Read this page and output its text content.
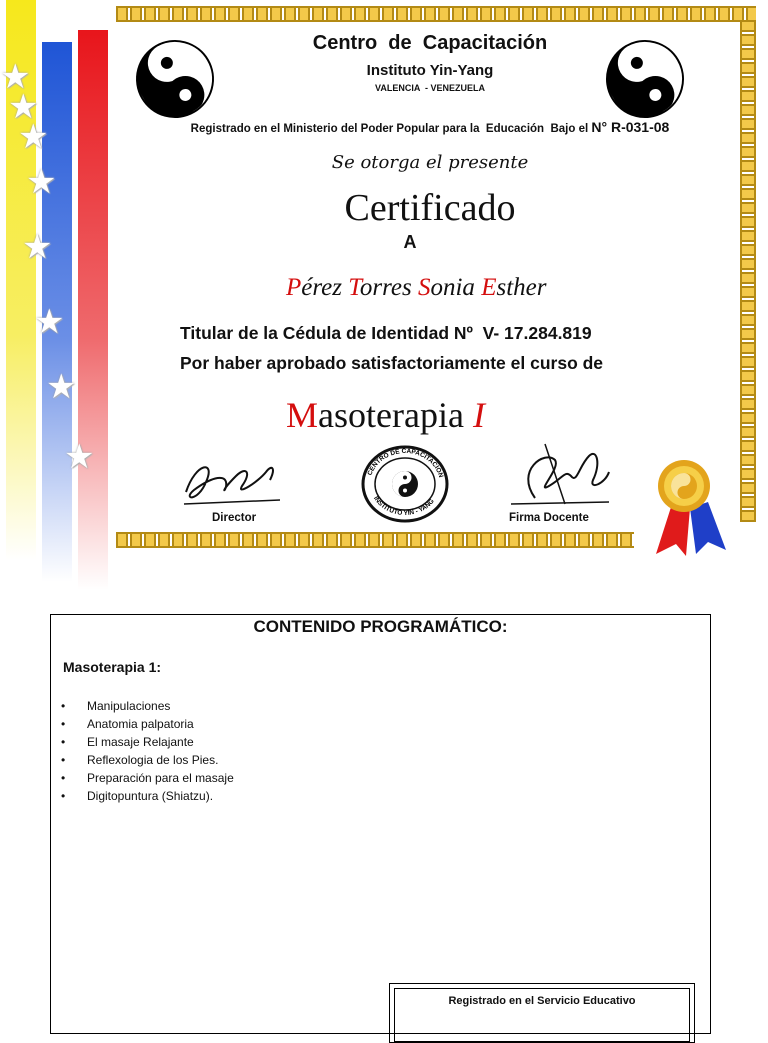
★
★
★
★
★
★
★
★
Centro  de  Capacitación
Instituto Yin-Yang
VALENCIA  - VENEZUELA
Registrado en el Ministerio del Poder Popular para la  Educación  Bajo el N° R-031-08
Se otorga el presente
Certificado
A
Pérez Torres Sonia Esther
Titular de la Cédula de Identidad Nº  V- 17.284.819
Por haber aprobado satisfactoriamente el curso de
Masoterapia I
Director
CENTRO DE CAPACITACION
INSTITUTO YIN - YANG
Firma Docente
CONTENIDO PROGRAMÁTICO:
Masoterapia 1:
• Manipulaciones
• Anatomia palpatoria
• El masaje Relajante
• Reflexologia de los Pies.
• Preparación para el masaje
• Digitopuntura (Shiatzu).
Registrado en el Servicio Educativo
